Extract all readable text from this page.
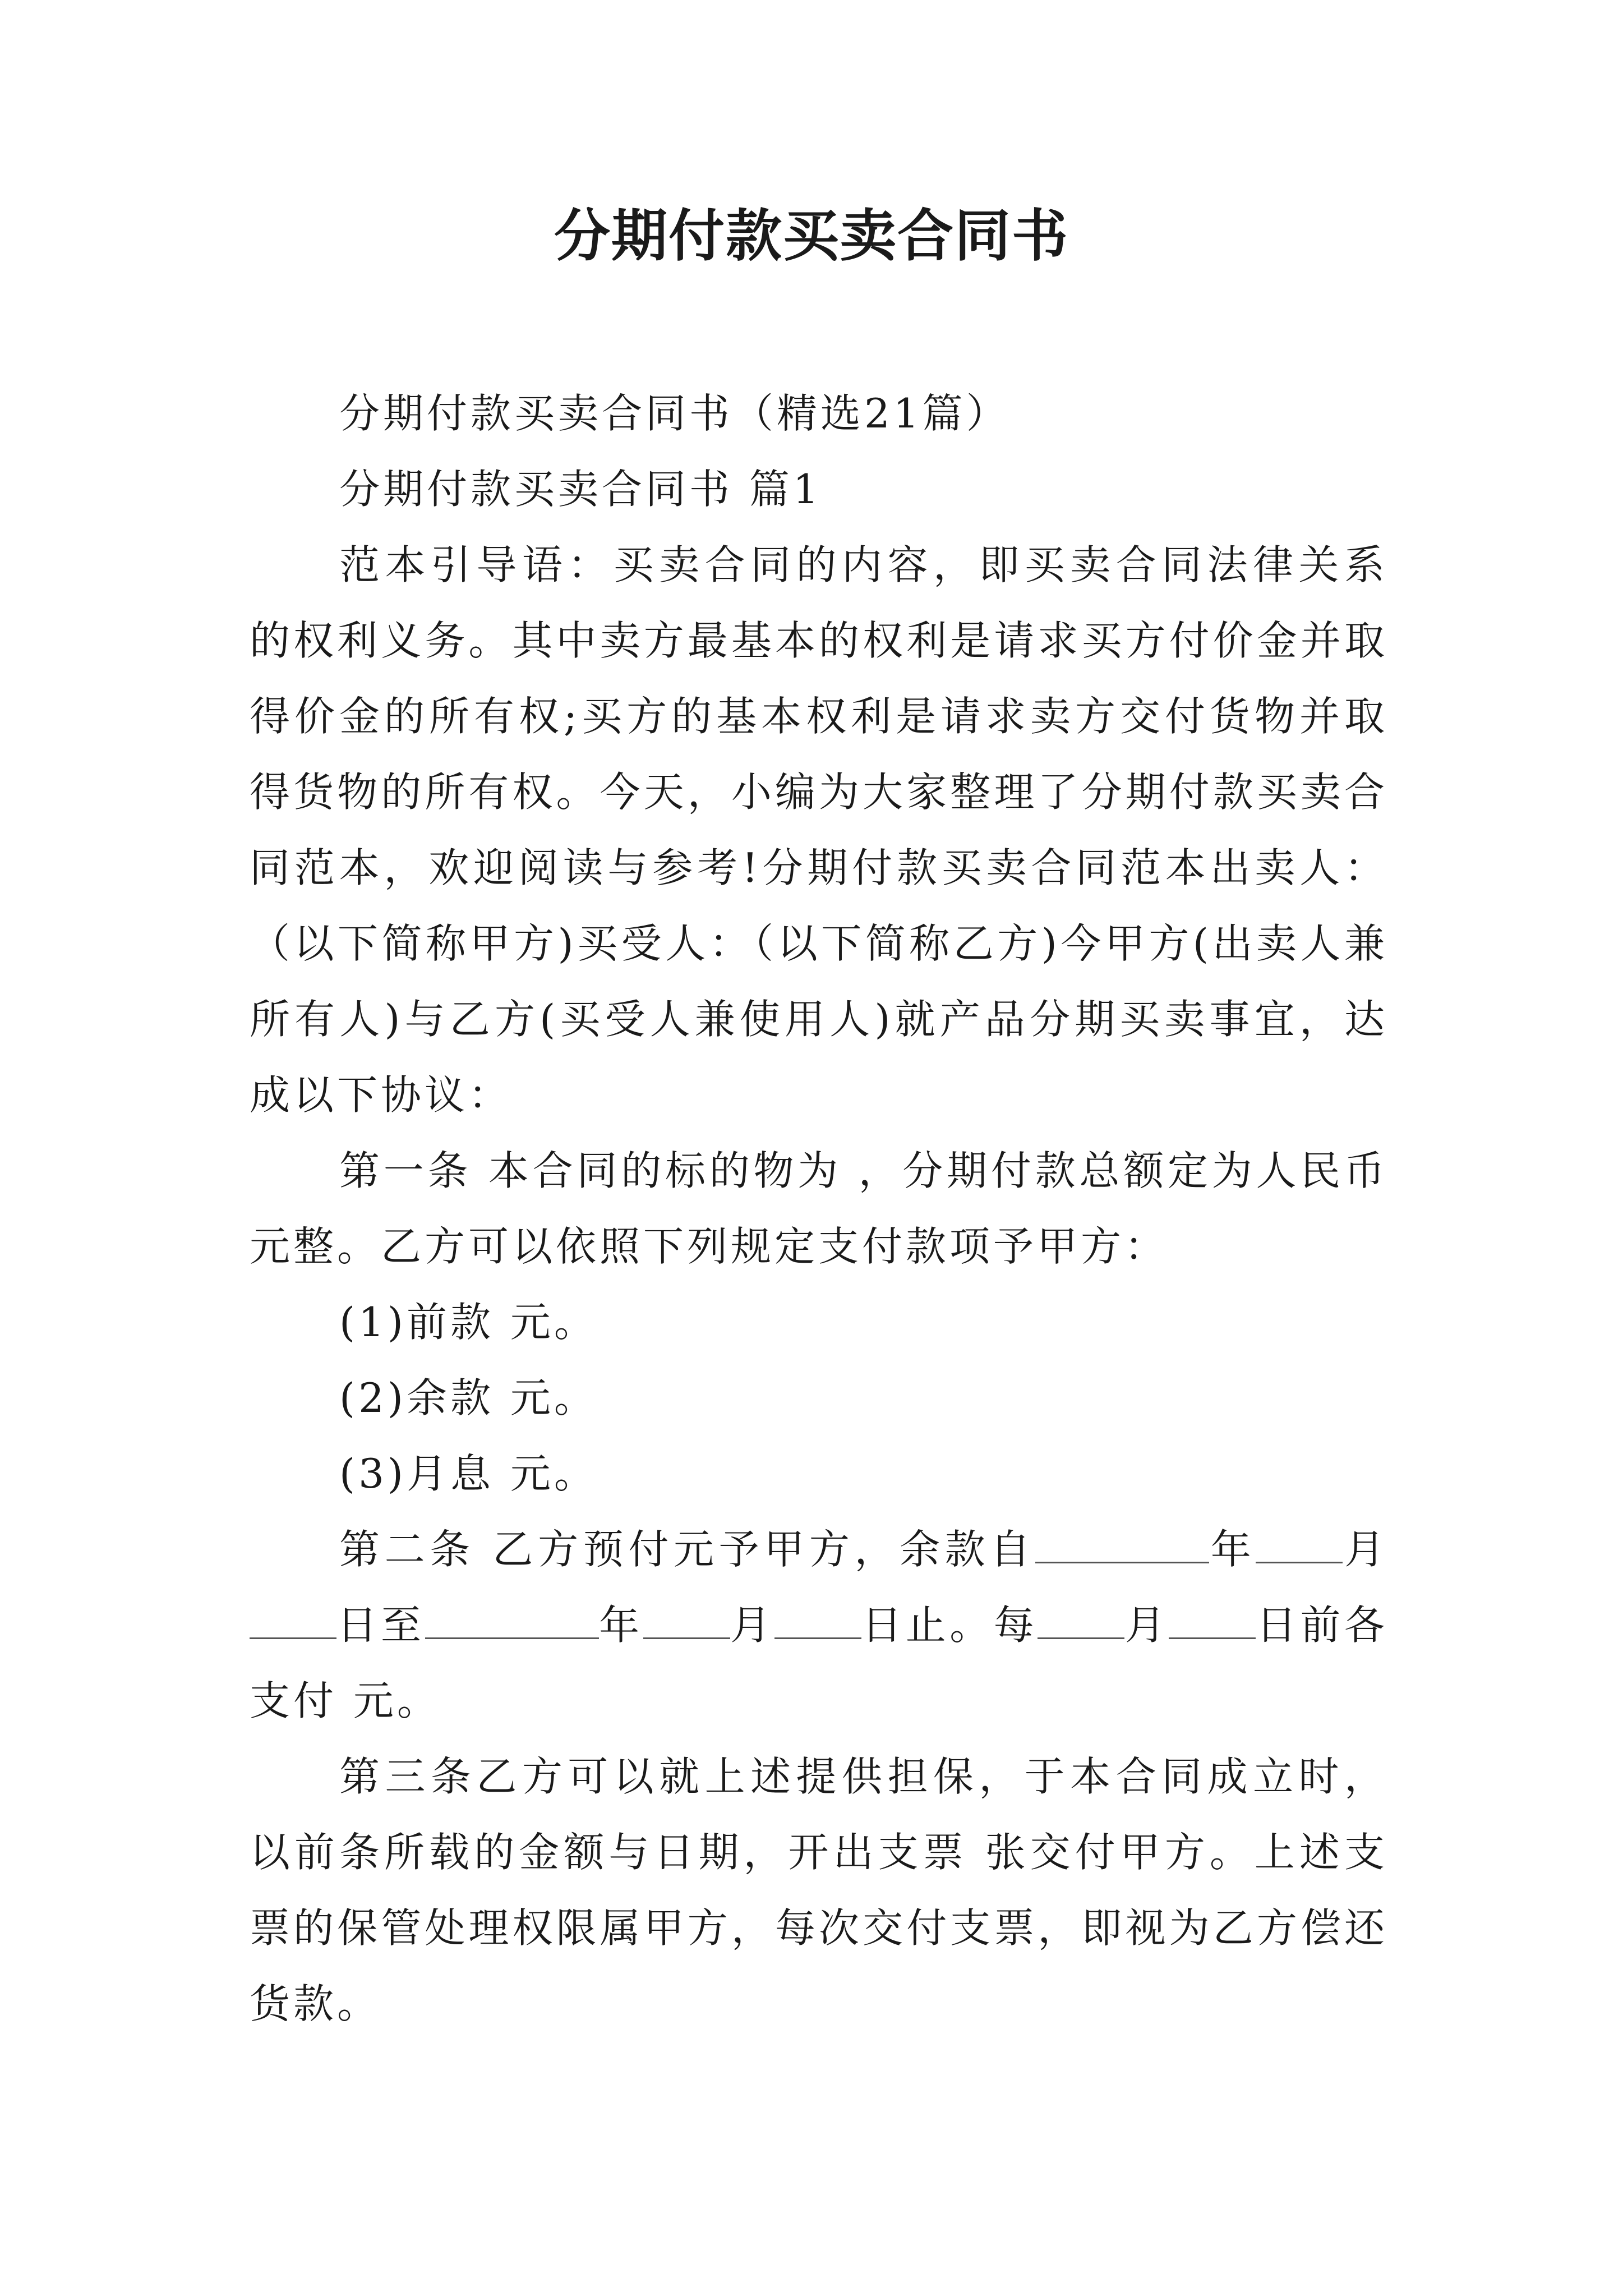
分期付款买卖合同书

分期付款买卖合同书（精选21篇）

分期付款买卖合同书 篇1

范本引导语：买卖合同的内容，即买卖合同法律关系的权利义务。其中卖方最基本的权利是请求买方付价金并取得价金的所有权;买方的基本权利是请求卖方交付货物并取得货物的所有权。今天，小编为大家整理了分期付款买卖合同范本，欢迎阅读与参考!分期付款买卖合同范本出卖人：（以下简称甲方)买受人：（以下简称乙方)今甲方(出卖人兼所有人)与乙方(买受人兼使用人)就产品分期买卖事宜，达成以下协议：

第一条 本合同的标的物为 ，分期付款总额定为人民币 元整。乙方可以依照下列规定支付款项予甲方：

(1)前款 元。

(2)余款 元。

(3)月息 元。

第二条 乙方预付元予甲方，余款自	年 月日至	年 月 日止。每 月 日前各支付 元。

第三条乙方可以就上述提供担保，于本合同成立时，以前条所载的金额与日期，开出支票 张交付甲方。上述支票的保管处理权限属甲方，每次交付支票，即视为乙方偿还货款。
